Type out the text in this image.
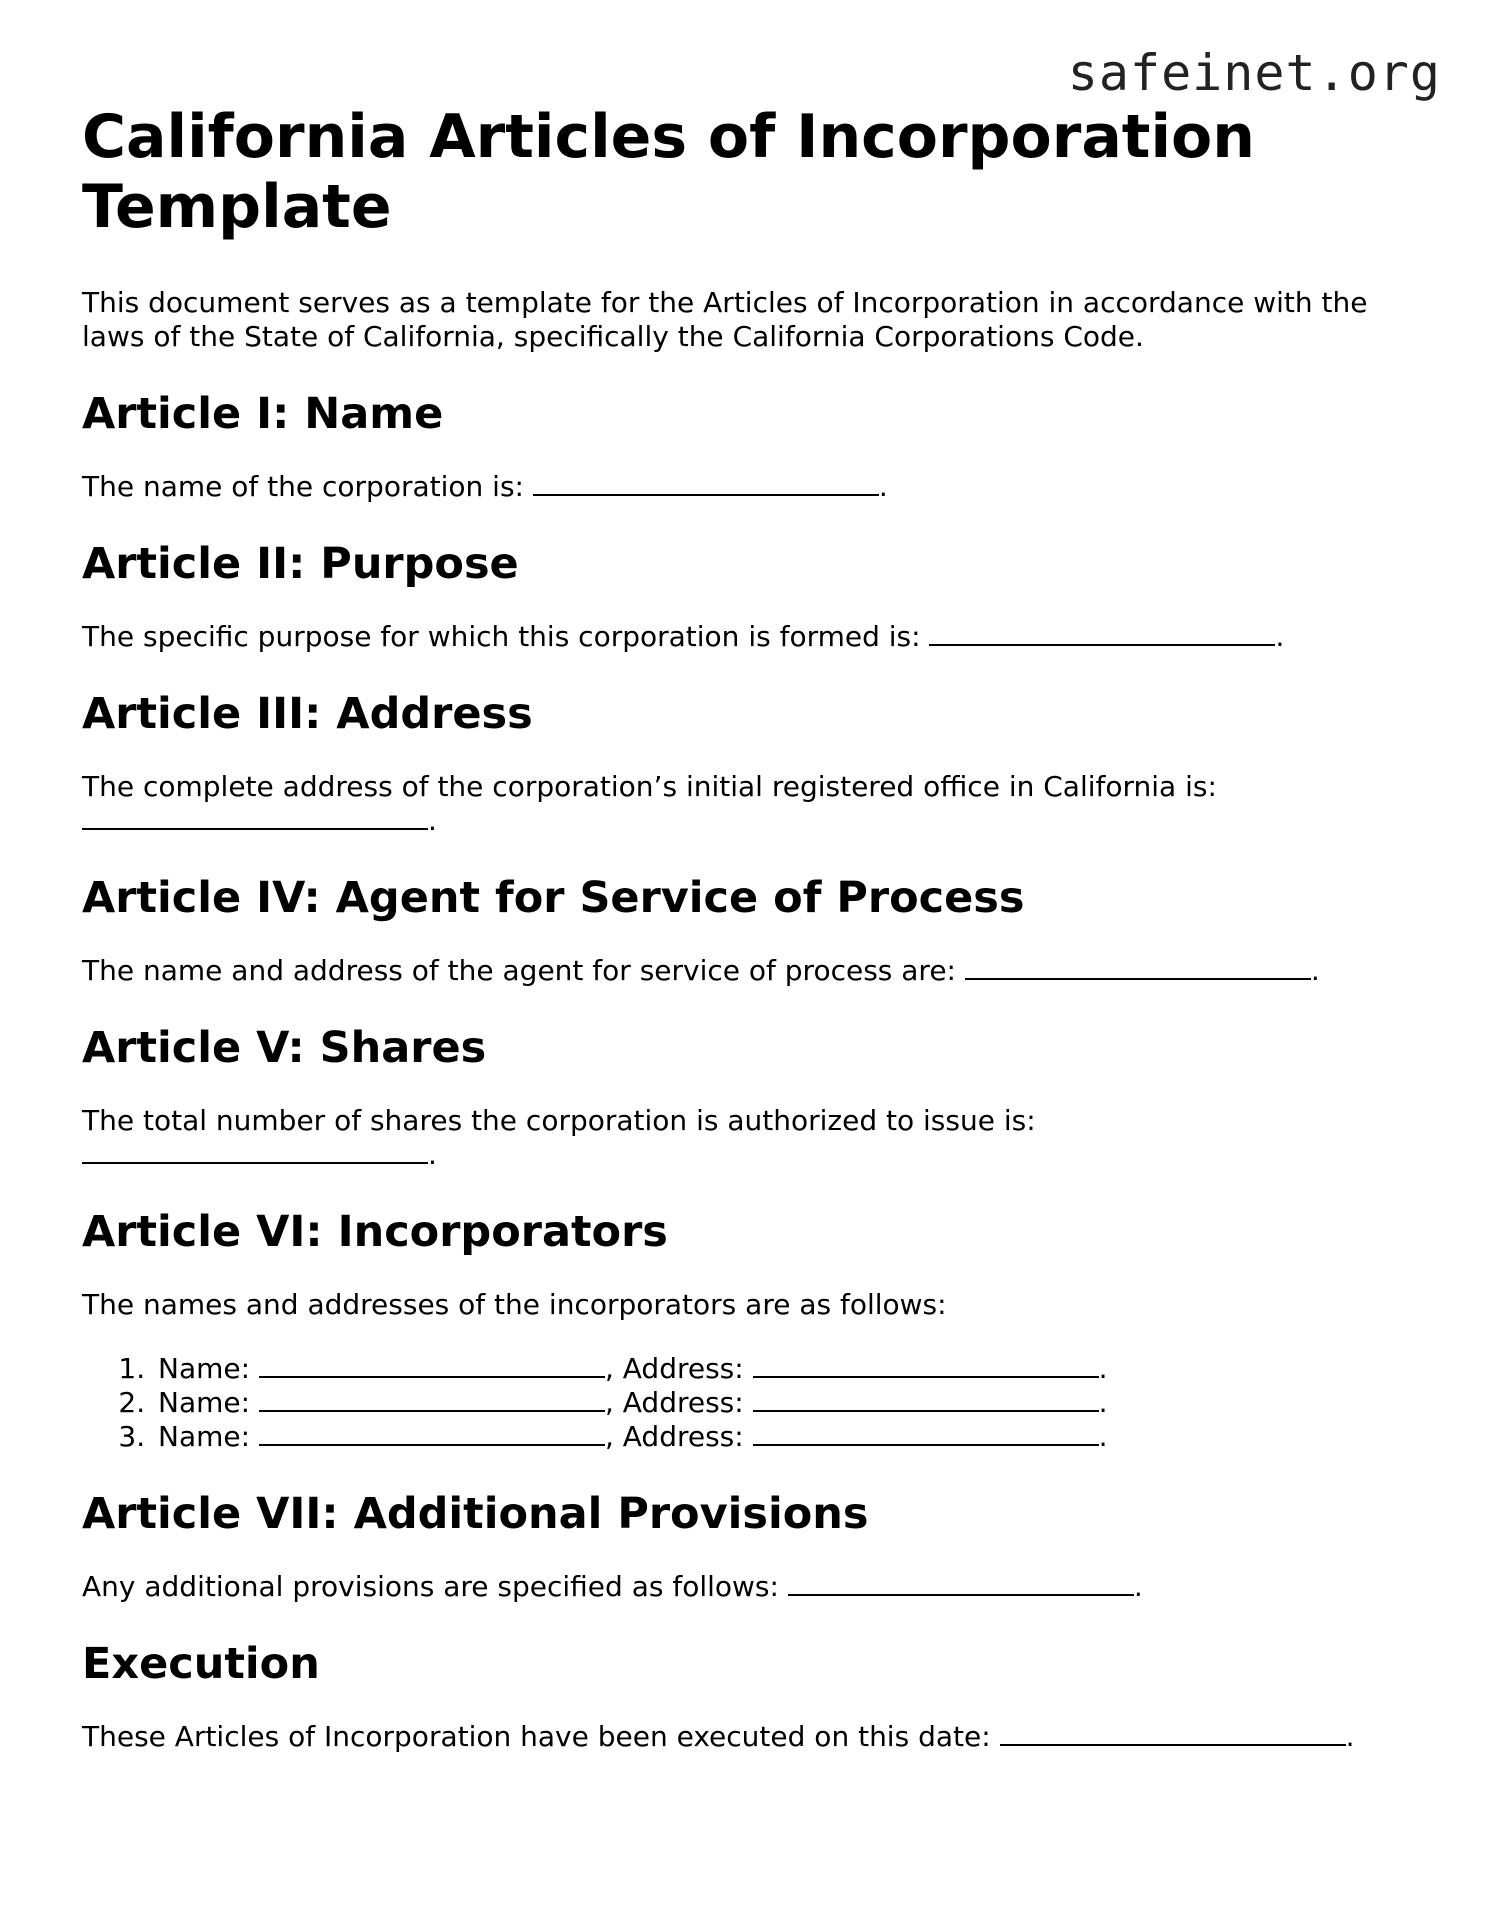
safeinet.org
California Articles of Incorporation Template

This document serves as a template for the Articles of Incorporation in accordance with the laws of the State of California, specifically the California Corporations Code.

Article I: Name

The name of the corporation is:	.

Article II: Purpose

The specific purpose for which this corporation is formed is:	.

Article III: Address

The complete address of the corporation’s initial registered office in California is:
.

Article IV: Agent for Service of Process

The name and address of the agent for service of process are:	.

Article V: Shares

The total number of shares the corporation is authorized to issue is:
.

Article VI: Incorporators

The names and addresses of the incorporators are as follows:

1. Name:	, Address:	.
2. Name:	, Address:	.
3. Name:	, Address:	.
Article VII: Additional Provisions

Any additional provisions are specified as follows:	.

Execution

These Articles of Incorporation have been executed on this date:	.
